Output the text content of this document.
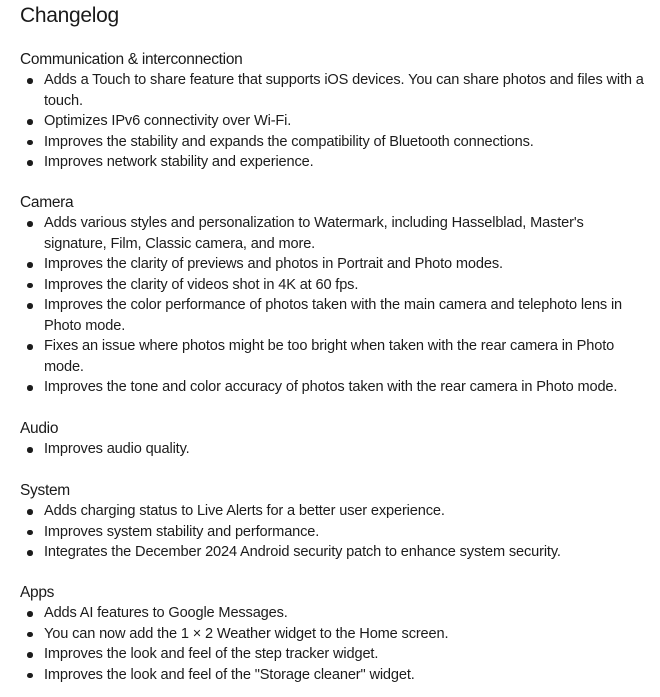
Changelog
Communication & interconnection
Adds a Touch to share feature that supports iOS devices. You can share photos and files with a touch.
Optimizes IPv6 connectivity over Wi-Fi.
Improves the stability and expands the compatibility of Bluetooth connections.
Improves network stability and experience.
Camera
Adds various styles and personalization to Watermark, including Hasselblad, Master's signature, Film, Classic camera, and more.
Improves the clarity of previews and photos in Portrait and Photo modes.
Improves the clarity of videos shot in 4K at 60 fps.
Improves the color performance of photos taken with the main camera and telephoto lens in Photo mode.
Fixes an issue where photos might be too bright when taken with the rear camera in Photo mode.
Improves the tone and color accuracy of photos taken with the rear camera in Photo mode.
Audio
Improves audio quality.
System
Adds charging status to Live Alerts for a better user experience.
Improves system stability and performance.
Integrates the December 2024 Android security patch to enhance system security.
Apps
Adds AI features to Google Messages.
You can now add the 1 × 2 Weather widget to the Home screen.
Improves the look and feel of the step tracker widget.
Improves the look and feel of the "Storage cleaner" widget.
